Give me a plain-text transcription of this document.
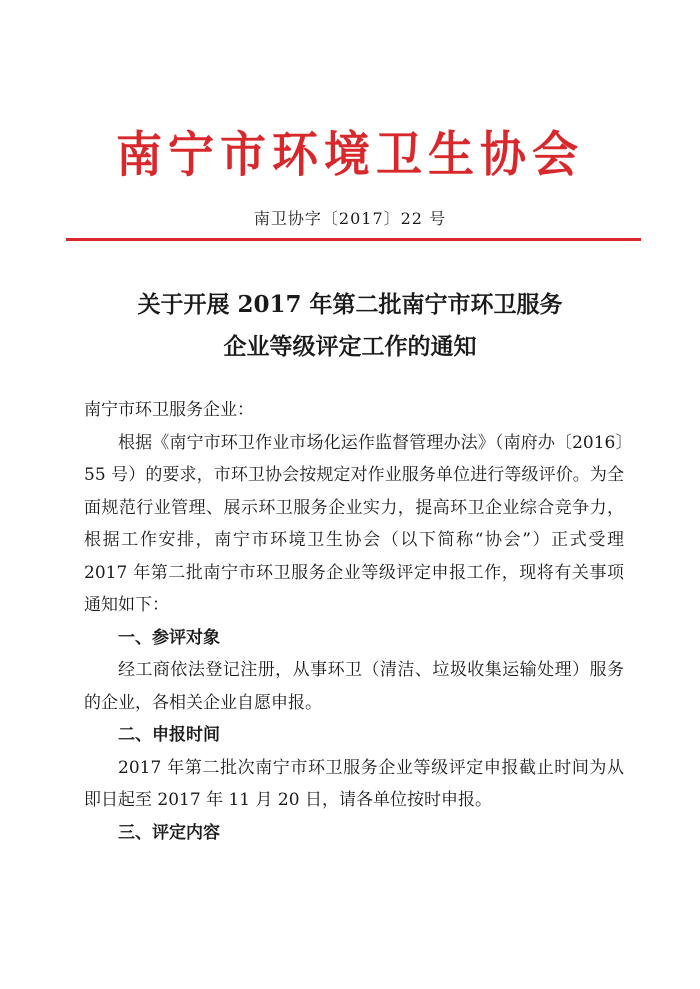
南宁市环境卫生协会
南卫协字〔2017〕22 号
关于开展 2017 年第二批南宁市环卫服务
企业等级评定工作的通知

南宁市环卫服务企业：

根据《南宁市环卫作业市场化运作监督管理办法》（南府办〔2016〕55 号）的要求，市环卫协会按规定对作业服务单位进行等级评价。为全面规范行业管理、展示环卫服务企业实力，提高环卫企业综合竞争力，根据工作安排，南宁市环境卫生协会（以下简称“协会”）正式受理 2017 年第二批南宁市环卫服务企业等级评定申报工作，现将有关事项通知如下：

一、参评对象

经工商依法登记注册，从事环卫（清洁、垃圾收集运输处理）服务的企业，各相关企业自愿申报。

二、申报时间

2017 年第二批次南宁市环卫服务企业等级评定申报截止时间为从即日起至 2017 年 11 月 20 日，请各单位按时申报。

三、评定内容
